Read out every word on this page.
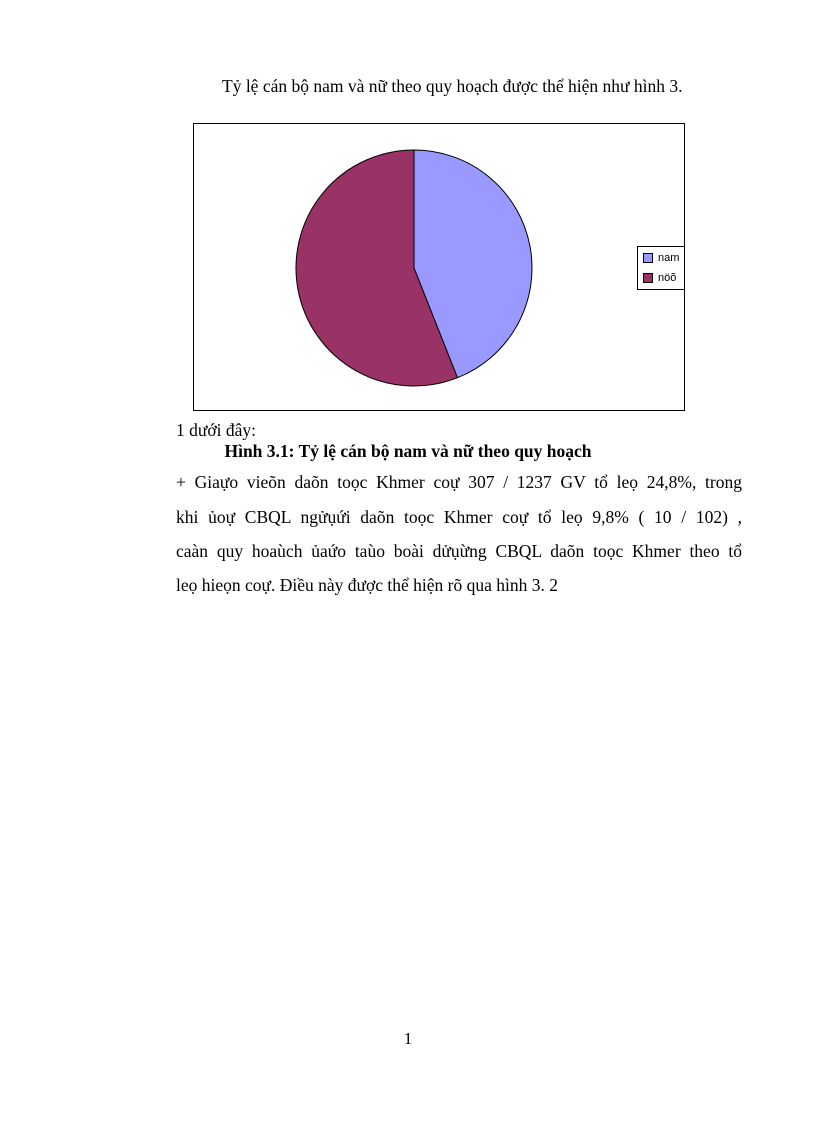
Tỷ lệ cán bộ nam và nữ theo quy hoạch được thể hiện như hình 3.
nam
nöõ
1 dưới đây:
Hình 3.1: Tỷ lệ cán bộ nam và nữ theo quy hoạch
+ Giaựo vieõn daõn toọc Khmer coự 307 / 1237 GV tổ leọ 24,8%, trong
khi ủoự CBQL ngửụứi daõn toọc Khmer coự tổ leọ 9,8% ( 10 / 102) ,
caàn quy hoaùch ủaứo taùo boài dửụừng CBQL daõn toọc Khmer theo tổ
leọ hieọn coự. Điều này được thể hiện rõ qua hình 3. 2
1
